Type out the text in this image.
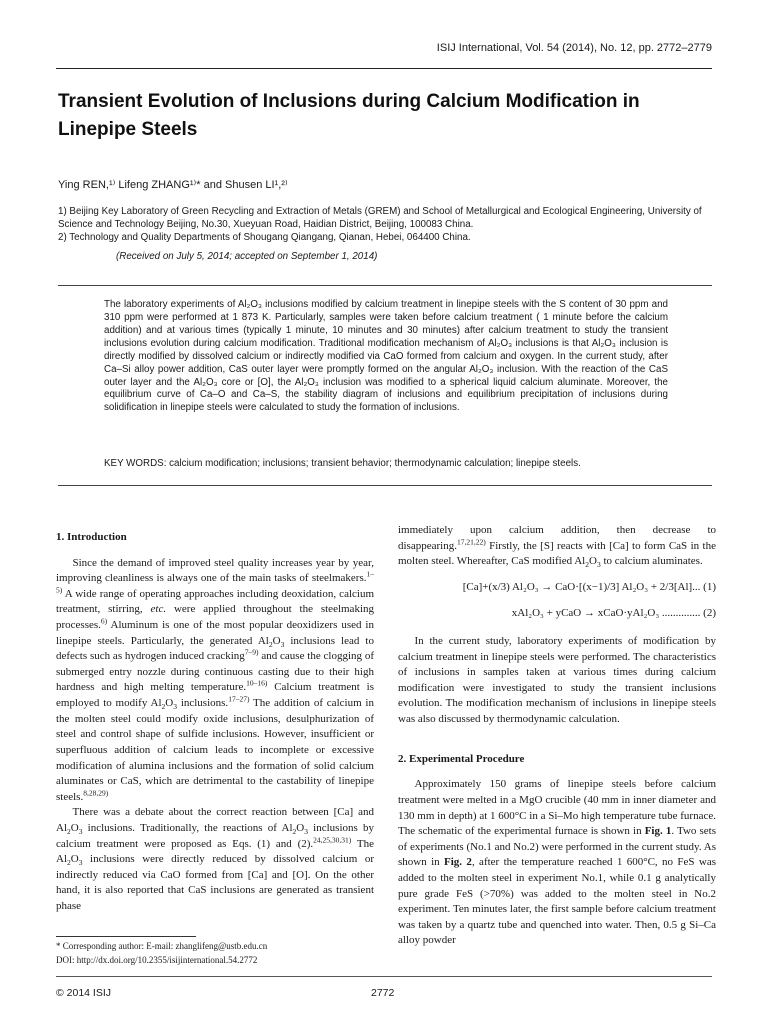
ISIJ International, Vol. 54 (2014), No. 12, pp. 2772–2779
Transient Evolution of Inclusions during Calcium Modification in Linepipe Steels
Ying REN,¹⁾ Lifeng ZHANG¹⁾* and Shusen LI¹,²⁾
1) Beijing Key Laboratory of Green Recycling and Extraction of Metals (GREM) and School of Metallurgical and Ecological Engineering, University of Science and Technology Beijing, No.30, Xueyuan Road, Haidian District, Beijing, 100083 China.
2) Technology and Quality Departments of Shougang Qiangang, Qianan, Hebei, 064400 China.
(Received on July 5, 2014; accepted on September 1, 2014)

The laboratory experiments of Al₂O₃ inclusions modified by calcium treatment in linepipe steels with the S content of 30 ppm and 310 ppm were performed at 1 873 K. Particularly, samples were taken before calcium treatment ( 1 minute before the calcium addition) and at various times (typically 1 minute, 10 minutes and 30 minutes) after calcium treatment to study the transient inclusions evolution during calcium modification. Traditional modification mechanism of Al₂O₃ inclusions is that Al₂O₃ inclusion is directly modified by dissolved calcium or indirectly modified via CaO formed from calcium and oxygen. In the current study, after Ca–Si alloy power addition, CaS outer layer were promptly formed on the angular Al₂O₃ inclusion. With the reaction of the CaS outer layer and the Al₂O₃ core or [O], the Al₂O₃ inclusion was modified to a spherical liquid calcium aluminate. Moreover, the equilibrium curve of Ca–O and Ca–S, the stability diagram of inclusions and equilibrium precipitation of inclusions during solidification in linepipe steels were calculated to study the formation of inclusions.

KEY WORDS: calcium modification; inclusions; transient behavior; thermodynamic calculation; linepipe steels.
1. Introduction

Since the demand of improved steel quality increases year by year, improving cleanliness is always one of the main tasks of steelmakers.$^{1-5)}$ A wide range of operating approaches including deoxidation, calcium treatment, stirring, etc. were applied throughout the steelmaking processes.$^{6)}$ Aluminum is one of the most popular deoxidizers used in linepipe steels. Particularly, the generated $Al_2O_3$ inclusions lead to defects such as hydrogen induced cracking$^{7-9)}$ and cause the clogging of submerged entry nozzle during continuous casting due to their high hardness and high melting temperature.$^{10-16)}$ Calcium treatment is employed to modify $Al_2O_3$ inclusions.$^{17-27)}$ The addition of calcium in the molten steel could modify oxide inclusions, desulphurization of steel and control shape of sulfide inclusions. However, insufficient or superfluous addition of calcium leads to incomplete or excessive modification of alumina inclusions and the formation of solid calcium aluminates or CaS, which are detrimental to the castability of linepipe steels.$^{8,28,29)}$

There was a debate about the correct reaction between [Ca] and $Al_2O_3$ inclusions. Traditionally, the reactions of $Al_2O_3$ inclusions by calcium treatment were proposed as Eqs. (1) and (2).$^{24,25,30,31)}$ The $Al_2O_3$ inclusions were directly reduced by dissolved calcium or indirectly reduced via CaO formed from [Ca] and [O]. On the other hand, it is also reported that CaS inclusions are generated as transient phase

immediately upon calcium addition, then decrease to disappearing.$^{17,21,22)}$ Firstly, the [S] reacts with [Ca] to form CaS in the molten steel. Whereafter, CaS modified $Al_2O_3$ to calcium aluminates.

[Ca]+(x/3) Al₂O₃ → CaO·[(x−1)/3] Al₂O₃ + 2/3[Al]... (1)
xAl₂O₃ + yCaO → xCaO·yAl₂O₃ .............. (2)

In the current study, laboratory experiments of modification by calcium treatment in linepipe steels were performed. The characteristics of inclusions in samples taken at various times during calcium modification were investigated to study the transient inclusions evolution. The modification mechanism of inclusions in linepipe steels was also discussed by thermodynamic calculation.

2. Experimental Procedure

Approximately 150 grams of linepipe steels before calcium treatment were melted in a MgO crucible (40 mm in inner diameter and 130 mm in depth) at 1 600°C in a Si–Mo high temperature tube furnace. The schematic of the experimental furnace is shown in Fig. 1. Two sets of experiments (No.1 and No.2) were performed in the current study. As shown in Fig. 2, after the temperature reached 1 600°C, no FeS was added to the molten steel in experiment No.1, while 0.1 g analytically pure grade FeS (>70%) was added to the molten steel in No.2 experiment. Ten minutes later, the first sample before calcium treatment was taken by a quartz tube and quenched into water. Then, 0.5 g Si–Ca alloy powder

* Corresponding author: E-mail: zhanglifeng@ustb.edu.cn
DOI: http://dx.doi.org/10.2355/isijinternational.54.2772
© 2014 ISIJ	2772
